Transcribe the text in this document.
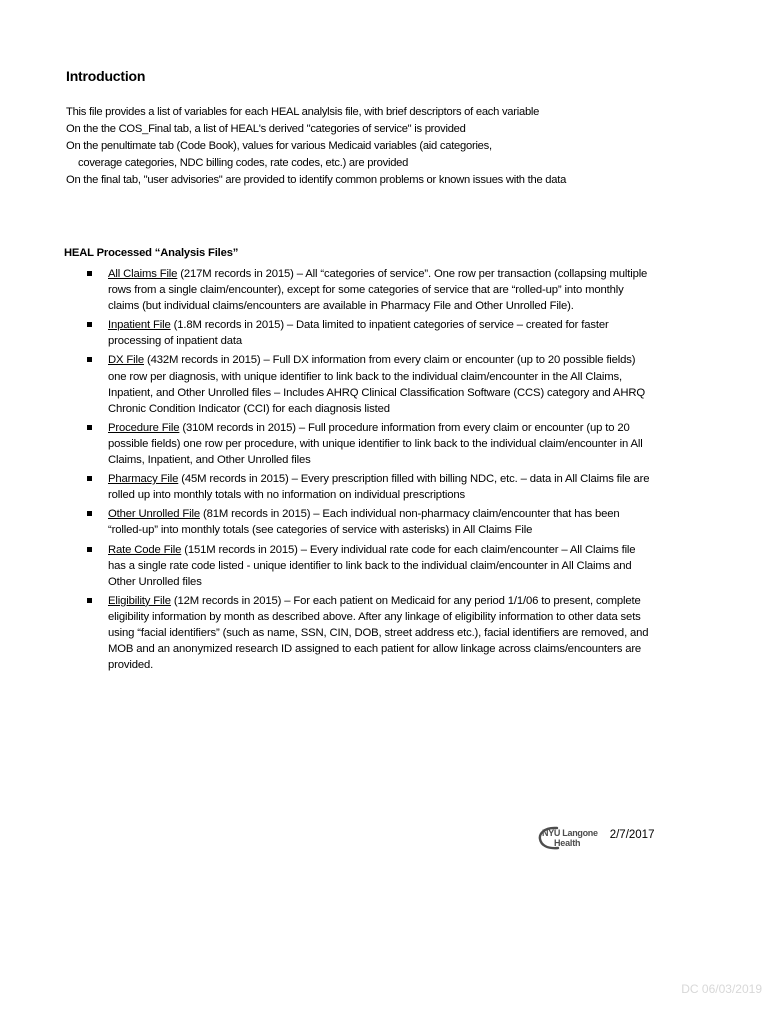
Introduction
This file provides a list of variables for each HEAL analylsis file, with brief descriptors of each variable
On the the COS_Final tab, a list of HEAL's derived "categories of service" is provided
On the penultimate tab (Code Book), values for various Medicaid variables (aid categories,
coverage categories, NDC billing codes, rate codes, etc.) are provided
On the final tab, "user advisories" are provided to identify common problems or known issues with the data
HEAL Processed “Analysis Files”
All Claims File (217M records in 2015) – All “categories of service”. One row per transaction (collapsing multiple rows from a single claim/encounter), except for some categories of service that are “rolled-up” into monthly claims (but individual claims/encounters are available in Pharmacy File and Other Unrolled File).
Inpatient File (1.8M records in 2015) – Data limited to inpatient categories of service – created for faster processing of inpatient data
DX File (432M records in 2015) – Full DX information from every claim or encounter (up to 20 possible fields) one row per diagnosis, with unique identifier to link back to the individual claim/encounter in the All Claims, Inpatient, and Other Unrolled files – Includes AHRQ Clinical Classification Software (CCS) category and AHRQ Chronic Condition Indicator (CCI) for each diagnosis listed
Procedure File (310M records in 2015) – Full procedure information from every claim or encounter (up to 20 possible fields) one row per procedure, with unique identifier to link back to the individual claim/encounter in All Claims, Inpatient, and Other Unrolled files
Pharmacy File (45M records in 2015) – Every prescription filled with billing NDC, etc. – data in All Claims file are rolled up into monthly totals with no information on individual prescriptions
Other Unrolled File (81M records in 2015) – Each individual non-pharmacy claim/encounter that has been “rolled-up” into monthly totals (see categories of service with asterisks) in All Claims File
Rate Code File (151M records in 2015) – Every individual rate code for each claim/encounter – All Claims file has a single rate code listed - unique identifier to link back to the individual claim/encounter in All Claims and Other Unrolled files
Eligibility File (12M records in 2015) – For each patient on Medicaid for any period 1/1/06 to present, complete eligibility information by month as described above. After any linkage of eligibility information to other data sets using “facial identifiers” (such as name, SSN, CIN, DOB, street address etc.), facial identifiers are removed, and MOB and an anonymized research ID assigned to each patient for allow linkage across claims/encounters are provided.
NYU Langone
Health
2/7/2017
DC 06/03/2019
